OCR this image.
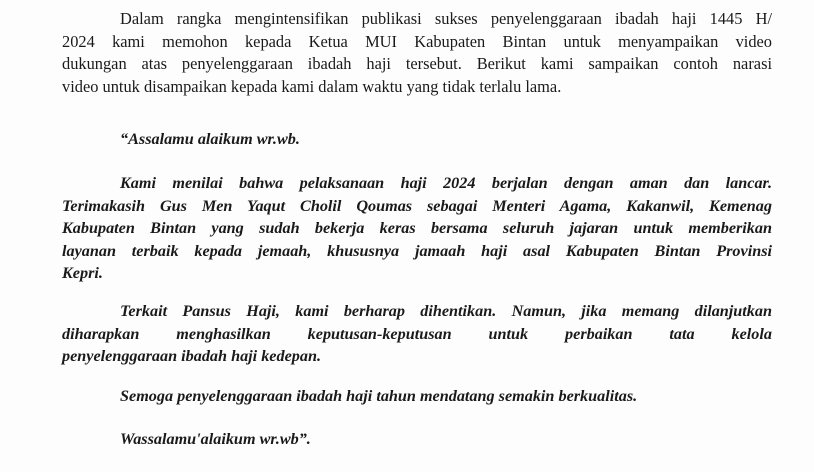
Dalam rangka mengintensifikan publikasi sukses penyelenggaraan ibadah haji 1445 H/
2024 kami memohon kepada Ketua MUI Kabupaten Bintan untuk menyampaikan video
dukungan atas penyelenggaraan ibadah haji tersebut. Berikut kami sampaikan contoh narasi
video untuk disampaikan kepada kami dalam waktu yang tidak terlalu lama.

“Assalamu alaikum wr.wb.

Kami menilai bahwa pelaksanaan haji 2024 berjalan dengan aman dan lancar.
Terimakasih Gus Men Yaqut Cholil Qoumas sebagai Menteri Agama, Kakanwil, Kemenag
Kabupaten Bintan yang sudah bekerja keras bersama seluruh jajaran untuk memberikan
layanan terbaik kepada jemaah, khususnya jamaah haji asal Kabupaten Bintan Provinsi
Kepri.

Terkait Pansus Haji, kami berharap dihentikan. Namun, jika memang dilanjutkan
diharapkan menghasilkan keputusan-keputusan untuk perbaikan tata kelola
penyelenggaraan ibadah haji kedepan.

Semoga penyelenggaraan ibadah haji tahun mendatang semakin berkualitas.

Wassalamu'alaikum wr.wb”.
